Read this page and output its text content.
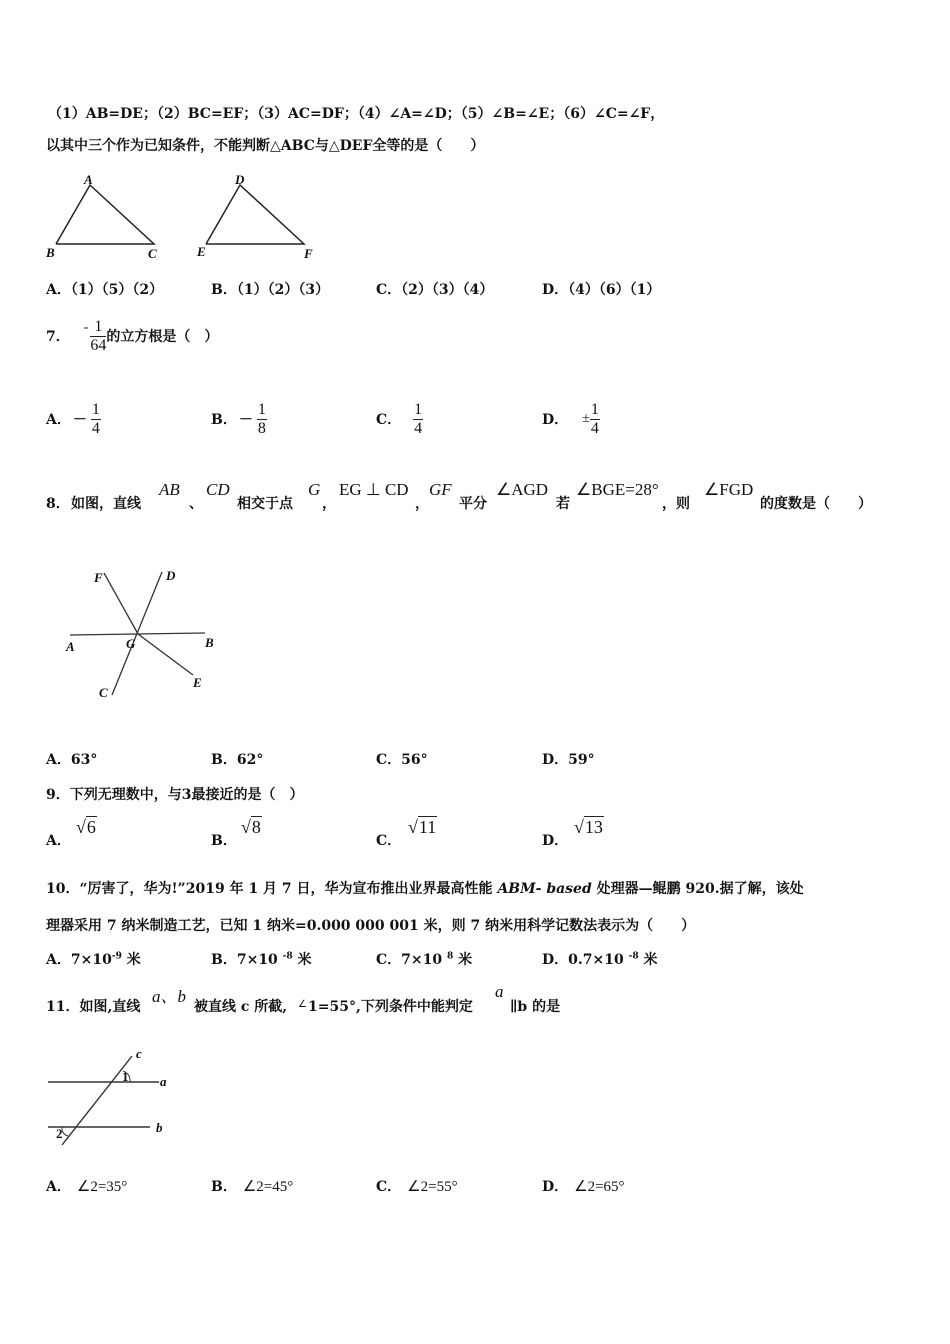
（1）AB=DE；（2）BC=EF；（3）AC=DF；（4）∠A=∠D；（5）∠B=∠E；（6）∠C=∠F，
以其中三个作为已知条件，不能判断△ABC与△DEF全等的是（　　）
A
B	C
D
E	F
A．（1）（5）（2）	B．（1）（2）（3）	C．（2）（3）（4）	D．（4）（6）（1）
7．
- $\frac{1}{64}$ 的立方根是（　）
A． － $\frac{1}{4}$	B． － $\frac{1}{8}$	C． $\frac{1}{4}$	D． ± $\frac{1}{4}$
8． 如图，直线
AB
、
CD
相交于点
G
，
EG ⊥ CD
，
GF
平分
∠AGD
若
∠BGE=28°
，则
∠FGD
的度数是（　　）
F	D
A	G	B
C
E
A．63°	B．62°	C．56°	D．59°
9．下列无理数中，与3最接近的是（　）
A．
√6
B．
√8
C．
√11
D．
√13
10．“厉害了，华为!”2019 年 1 月 7 日，华为宣布推出业界最高性能 ABM- based 处理器—鲲鹏 920.据了解，该处
理器采用 7 纳米制造工艺，已知 1 纳米=0.000 000 001 米，则 7 纳米用科学记数法表示为（　　）
A．$7\times 10^{-9}$ 米	B．7×10 $^{-8}$ 米	C．7×10 $^8$ 米	D．0.7×10 $^{-8}$ 米
11．如图,直线
a、b
被直线 c 所截, ∠ 1=55°,下列条件中能判定
a
∥b 的是
c
1 a
2	b
A． ∠2=35°	B． ∠2=45°	C． ∠2=55°	D． ∠2=65°
